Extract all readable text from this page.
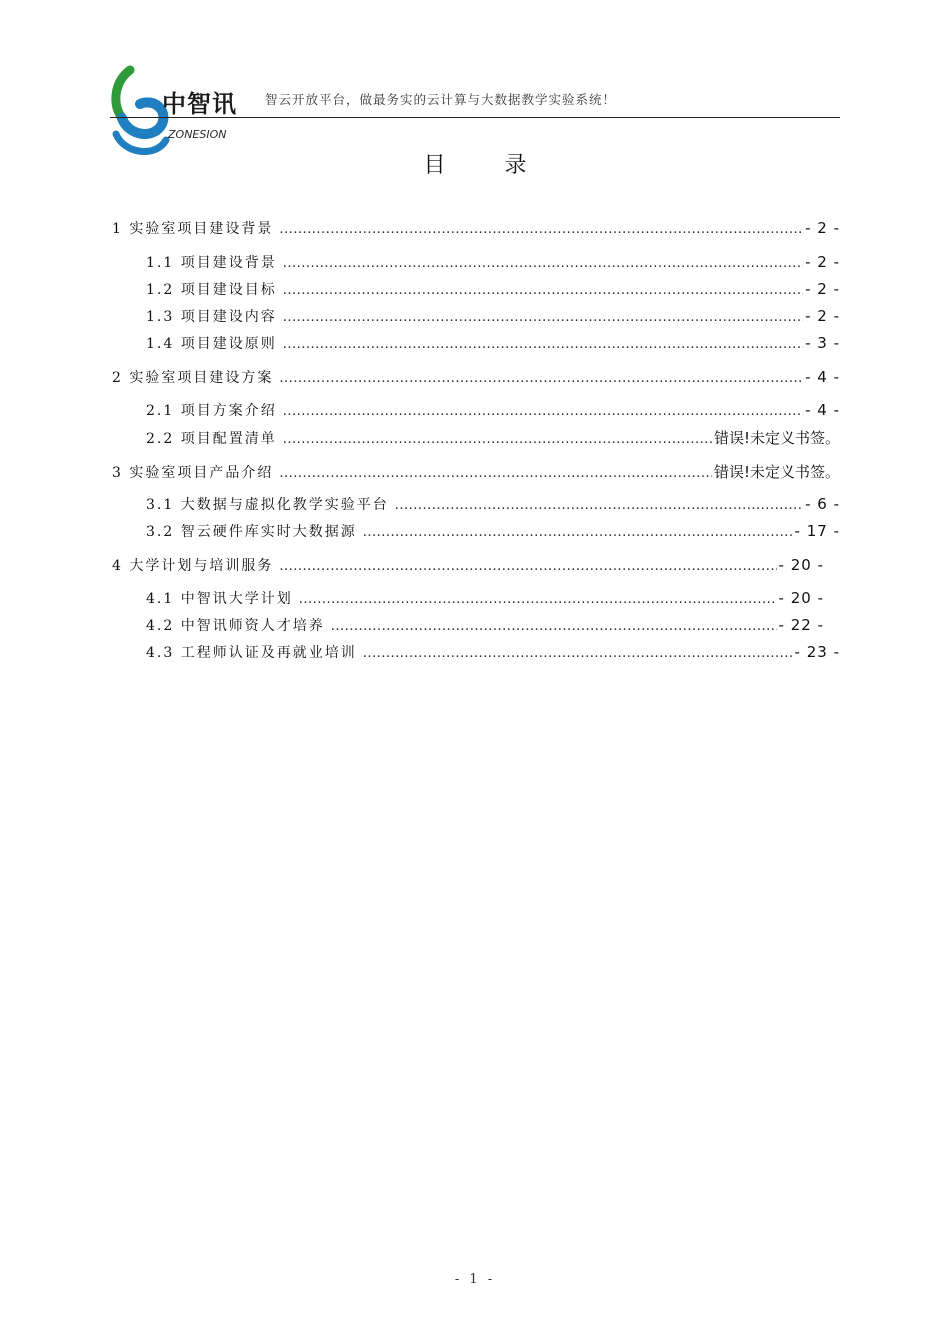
中智讯
ZONESION
智云开放平台，做最务实的云计算与大数据教学实验系统！
目 录
1 实验室项目建设背景 .....	- 2 -
1.1 项目建设背景 .....	- 2 -
1.2 项目建设目标 .....	- 2 -
1.3 项目建设内容 .....	- 2 -
1.4 项目建设原则 .....	- 3 -
2 实验室项目建设方案 .....	- 4 -
2.1 项目方案介绍 .....	- 4 -
2.2 项目配置清单 .....	错误!未定义书签。
3 实验室项目产品介绍 .....	错误!未定义书签。
3.1 大数据与虚拟化教学实验平台 .....	- 6 -
3.2 智云硬件库实时大数据源 .....	- 17 -
4 大学计划与培训服务 .....	- 20 -
4.1 中智讯大学计划 .....	- 20 -
4.2 中智讯师资人才培养 .....	- 22 -
4.3 工程师认证及再就业培训 .....	- 23 -
- 1 -
